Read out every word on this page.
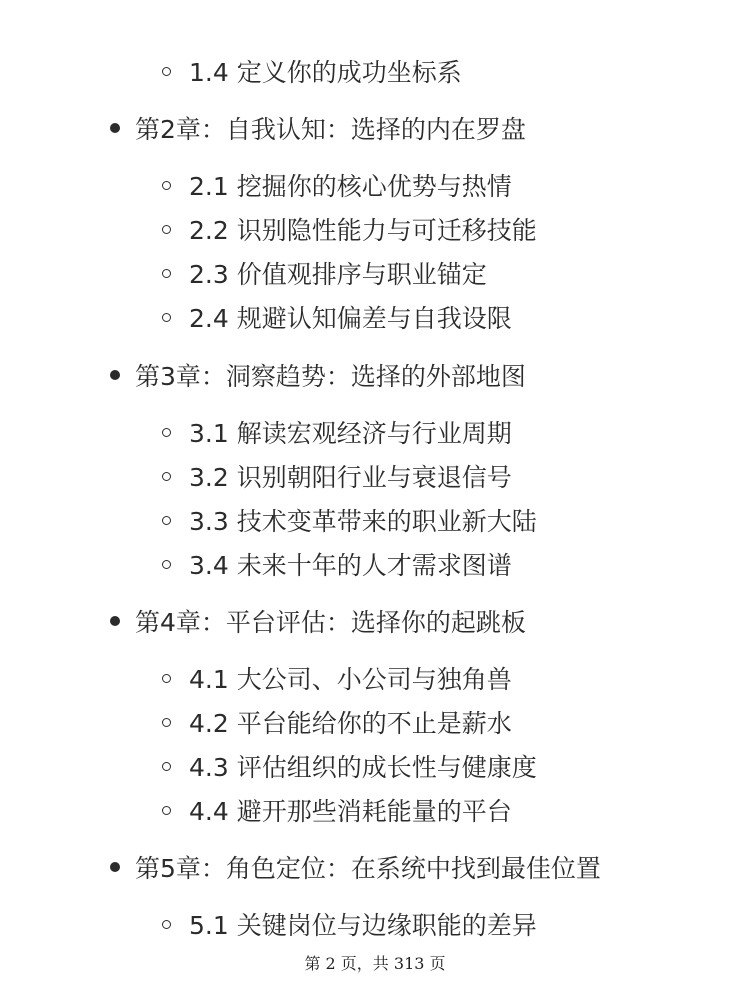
1.4 定义你的成功坐标系
第2章：自我认知：选择的内在罗盘
2.1 挖掘你的核心优势与热情
2.2 识别隐性能力与可迁移技能
2.3 价值观排序与职业锚定
2.4 规避认知偏差与自我设限
第3章：洞察趋势：选择的外部地图
3.1 解读宏观经济与行业周期
3.2 识别朝阳行业与衰退信号
3.3 技术变革带来的职业新大陆
3.4 未来十年的人才需求图谱
第4章：平台评估：选择你的起跳板
4.1 大公司、小公司与独角兽
4.2 平台能给你的不止是薪水
4.3 评估组织的成长性与健康度
4.4 避开那些消耗能量的平台
第5章：角色定位：在系统中找到最佳位置
5.1 关键岗位与边缘职能的差异
第 2 页，共 313 页
